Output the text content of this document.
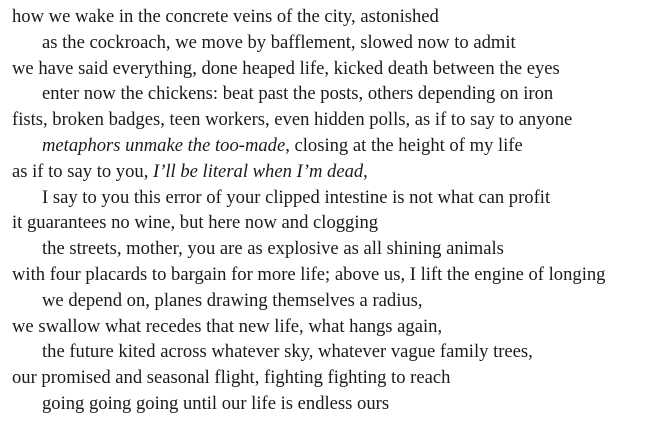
how we wake in the concrete veins of the city, astonished
as the cockroach, we move by bafflement, slowed now to admit
we have said everything, done heaped life, kicked death between the eyes
enter now the chickens: beat past the posts, others depending on iron
fists, broken badges, teen workers, even hidden polls, as if to say to anyone
metaphors unmake the too-made, closing at the height of my life
as if to say to you, I’ll be literal when I’m dead,
I say to you this error of your clipped intestine is not what can profit
it guarantees no wine, but here now and clogging
the streets, mother, you are as explosive as all shining animals
with four placards to bargain for more life; above us, I lift the engine of longing
we depend on, planes drawing themselves a radius,
we swallow what recedes that new life, what hangs again,
the future kited across whatever sky, whatever vague family trees,
our promised and seasonal flight, fighting fighting to reach
going going going until our life is endless ours
